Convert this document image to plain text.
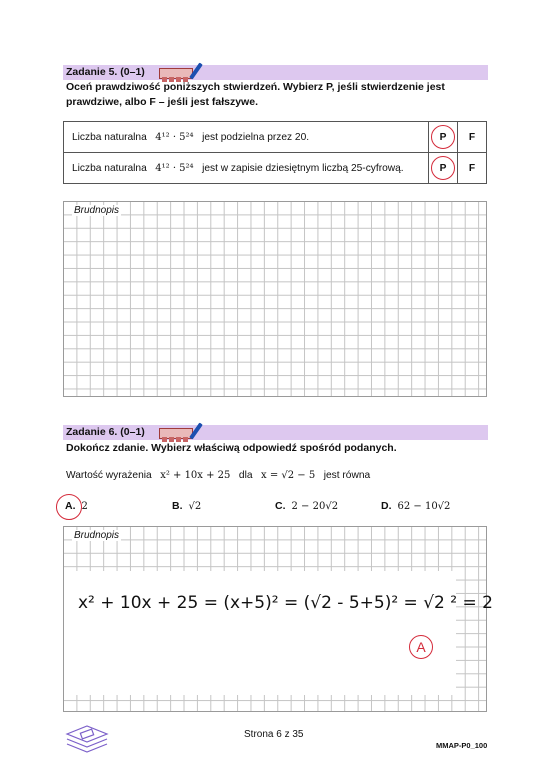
Zadanie 5. (0–1)
Oceń prawdziwość poniższych stwierdzeń. Wybierz P, jeśli stwierdzenie jest prawdziwe, albo F – jeśli jest fałszywe.
Liczba naturalna 4¹² · 5²⁴ jest podzielna przez 20.	P	F
Liczba naturalna 4¹² · 5²⁴ jest w zapisie dziesiętnym liczbą 25-cyfrową.	P	F
Brudnopis
Zadanie 6. (0–1)
Dokończ zdanie. Wybierz właściwą odpowiedź spośród podanych.
Wartość wyrażenia x² + 10x + 25 dla x = √2 − 5 jest równa
A. 2	B. √2	C. 2 − 20√2	D. 62 − 10√2
Brudnopis
x² + 10x + 25 = (x+5)² = (√2 - 5+5)² = √2 ² = 2
A
Strona 6 z 35
MMAP-P0_100
